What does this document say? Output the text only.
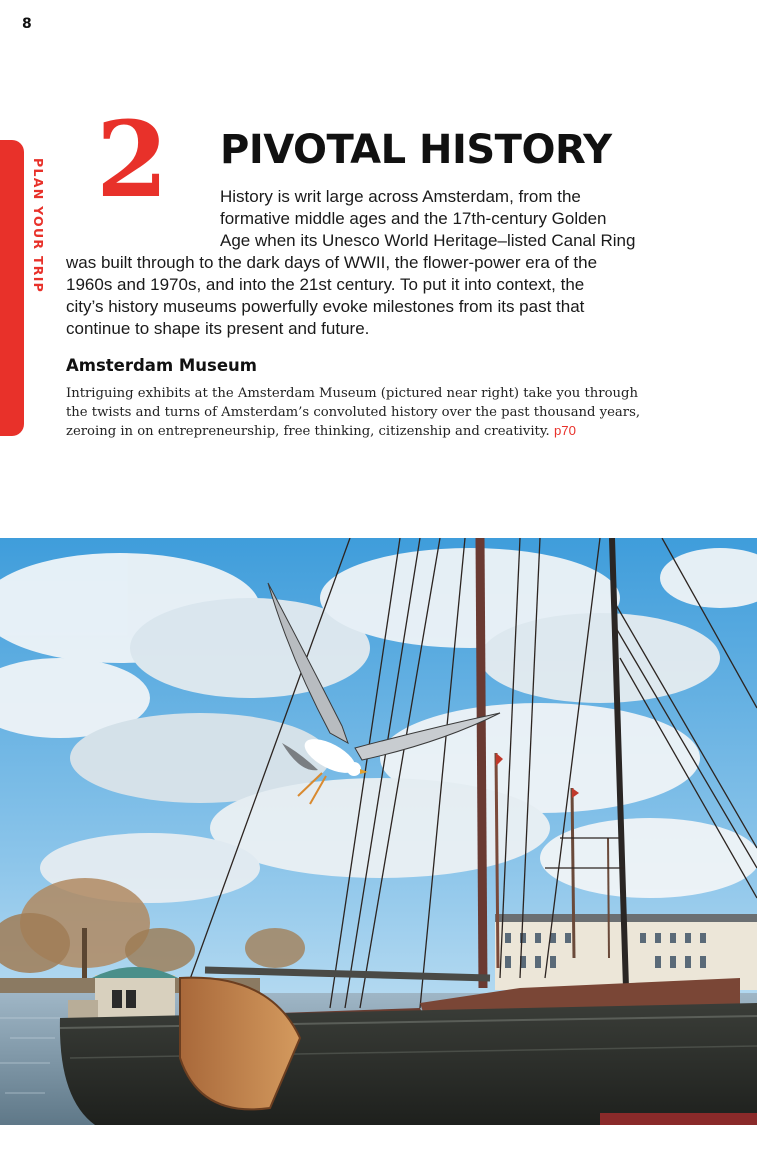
8
PLAN YOUR TRIP 2 PIVOTAL HISTORY
History is writ large across Amsterdam, from the
formative middle ages and the 17th-century Golden
Age when its Unesco World Heritage–listed Canal Ring
was built through to the dark days of WWII, the flower-power era of the
1960s and 1970s, and into the 21st century. To put it into context, the
city’s history museums powerfully evoke milestones from its past that
continue to shape its present and future.
Amsterdam Museum
Intriguing exhibits at the Amsterdam Museum (pictured near right) take you through
the twists and turns of Amsterdam’s convoluted history over the past thousand years,
zeroing in on entrepreneurship, free thinking, citizenship and creativity. p70
